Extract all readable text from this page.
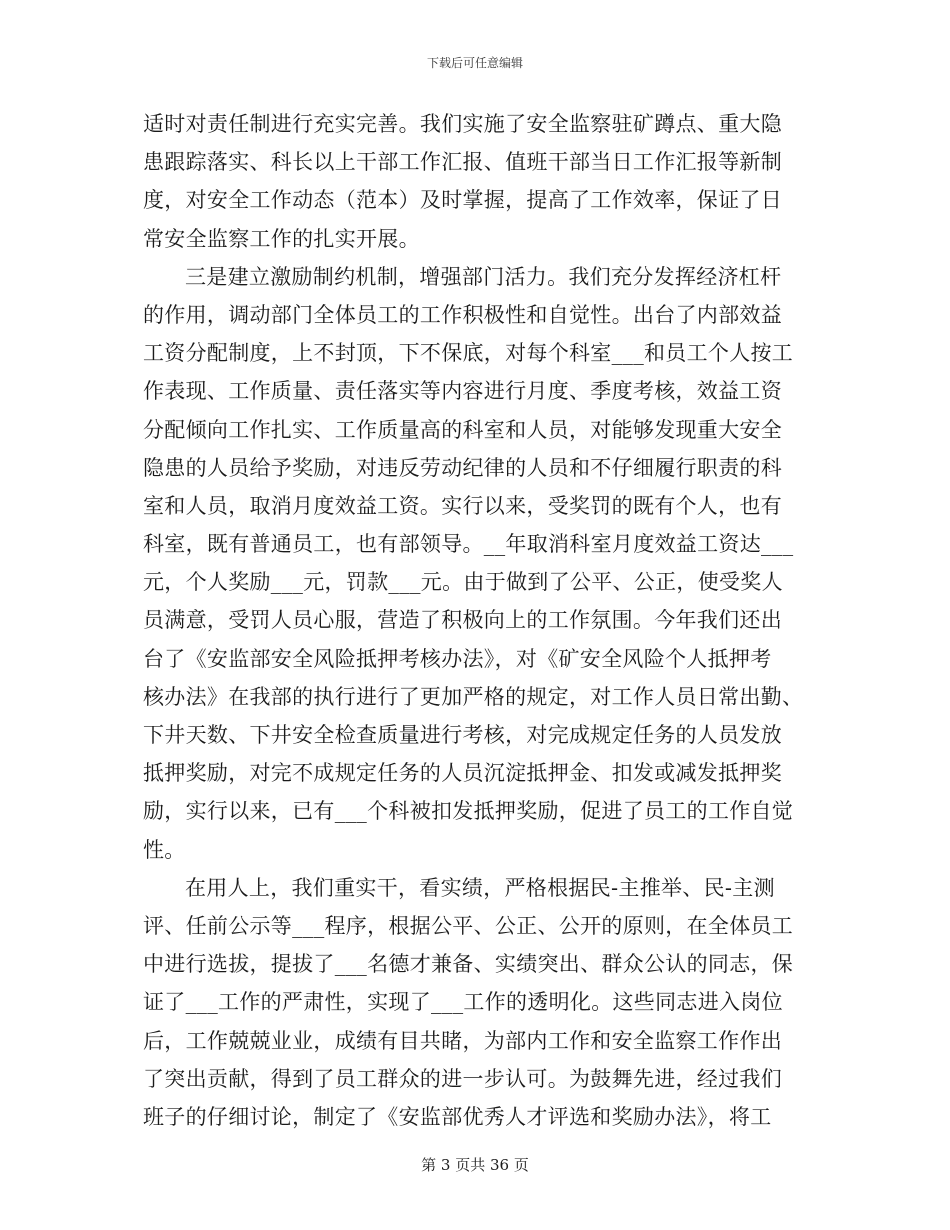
下载后可任意编辑
适时对责任制进行充实完善。我们实施了安全监察驻矿蹲点、重大隐
患跟踪落实、科长以上干部工作汇报、值班干部当日工作汇报等新制
度，对安全工作动态（范本）及时掌握，提高了工作效率，保证了日
常安全监察工作的扎实开展。
三是建立激励制约机制，增强部门活力。我们充分发挥经济杠杆
的作用，调动部门全体员工的工作积极性和自觉性。出台了内部效益
工资分配制度，上不封顶，下不保底，对每个科室___和员工个人按工
作表现、工作质量、责任落实等内容进行月度、季度考核，效益工资
分配倾向工作扎实、工作质量高的科室和人员，对能够发现重大安全
隐患的人员给予奖励，对违反劳动纪律的人员和不仔细履行职责的科
室和人员，取消月度效益工资。实行以来，受奖罚的既有个人，也有
科室，既有普通员工，也有部领导。__年取消科室月度效益工资达___
元，个人奖励___元，罚款___元。由于做到了公平、公正，使受奖人
员满意，受罚人员心服，营造了积极向上的工作氛围。今年我们还出
台了《安监部安全风险抵押考核办法》，对《矿安全风险个人抵押考
核办法》在我部的执行进行了更加严格的规定，对工作人员日常出勤、
下井天数、下井安全检查质量进行考核，对完成规定任务的人员发放
抵押奖励，对完不成规定任务的人员沉淀抵押金、扣发或减发抵押奖
励，实行以来，已有___个科被扣发抵押奖励，促进了员工的工作自觉
性。
在用人上，我们重实干，看实绩，严格根据民-主推举、民-主测
评、任前公示等___程序，根据公平、公正、公开的原则，在全体员工
中进行选拔，提拔了___名德才兼备、实绩突出、群众公认的同志，保
证了___工作的严肃性，实现了___工作的透明化。这些同志进入岗位
后，工作兢兢业业，成绩有目共睹，为部内工作和安全监察工作作出
了突出贡献，得到了员工群众的进一步认可。为鼓舞先进，经过我们
班子的仔细讨论，制定了《安监部优秀人才评选和奖励办法》，将工
第 3 页共 36 页
